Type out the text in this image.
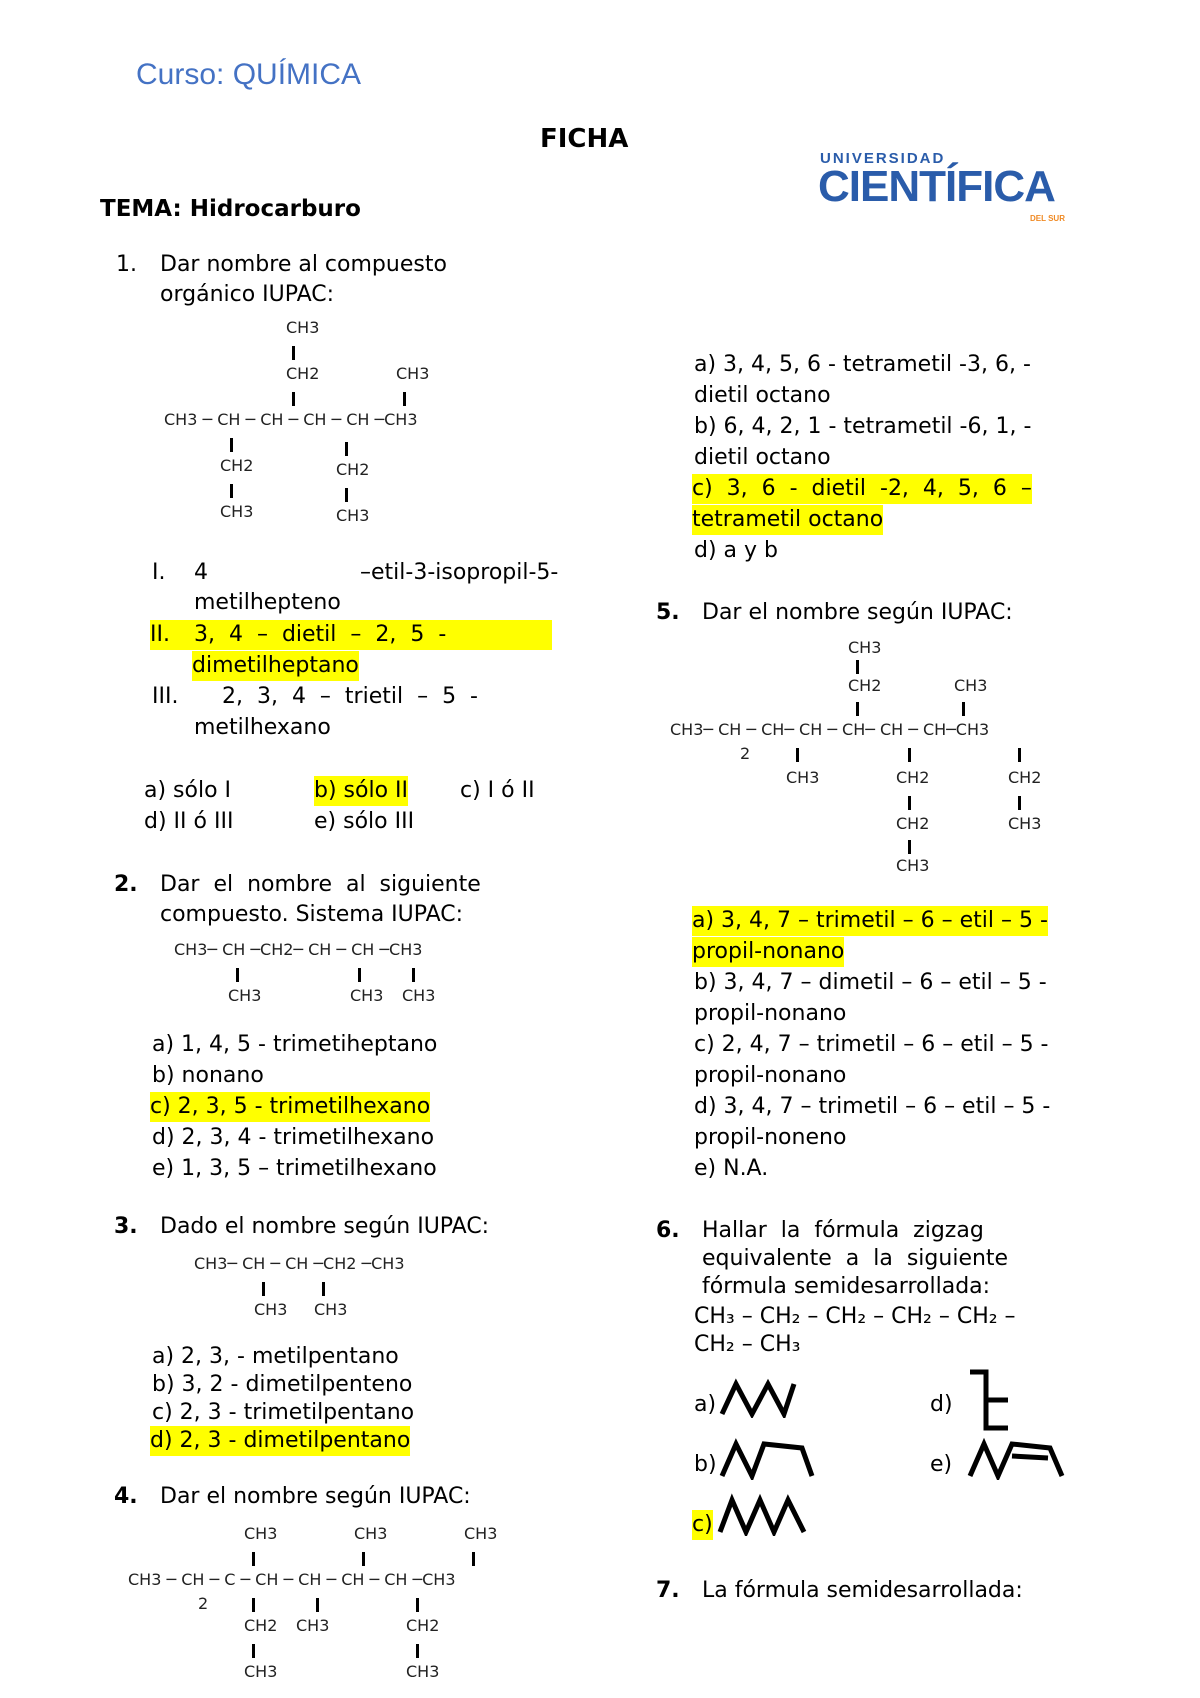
Curso: QUÍMICA
FICHA
TEMA: Hidrocarburo
UNIVERSIDAD
CIENTÍFICA
DEL SUR
1. Dar nombre al compuesto
orgánico IUPAC:
CH3
CH2	CH3
CH3 ─ CH ─ CH ─ CH ─ CH ─CH3
CH2	CH2
CH3	CH3
I. 4	–etil-3-isopropil-5-
metilhepteno
II. 3,  4  –  dietil  –  2,  5  -
dimetilheptano
III. 2,  3,  4  –  trietil  –  5  -
metilhexano
a) sólo I	b) sólo II c) I ó II
d) II ó III	e) sólo III
2. Dar  el  nombre  al  siguiente
compuesto. Sistema IUPAC:
CH3─ CH ─CH2─ CH ─ CH ─CH3
CH3	CH3 CH3
a) 1, 4, 5 - trimetiheptano
b) nonano
c) 2, 3, 5 - trimetilhexano
d) 2, 3, 4 - trimetilhexano
e) 1, 3, 5 – trimetilhexano
3. Dado el nombre según IUPAC:
CH3─ CH ─ CH ─CH2 ─CH3
CH3 CH3
a) 2, 3, - metilpentano
b) 3, 2 - dimetilpenteno
c) 2, 3 - trimetilpentano
d) 2, 3 - dimetilpentano
4. Dar el nombre según IUPAC:
CH3	CH3	CH3
CH3 ─ CH ─ C ─ CH ─ CH ─ CH ─ CH ─CH3
2
CH2 CH3	CH2
CH3	CH3
a) 3, 4, 5, 6 - tetrametil -3, 6, -
dietil octano
b) 6, 4, 2, 1 - tetrametil -6, 1, -
dietil octano
c)  3,  6  -  dietil  -2,  4,  5,  6  –
tetrametil octano
d) a y b
5. Dar el nombre según IUPAC:
CH3
CH2	CH3
CH3─ CH ─ CH─ CH ─ CH─ CH ─ CH─CH3
2
CH3	CH2	CH2
CH2	CH3
CH3
a) 3, 4, 7 – trimetil – 6 – etil – 5 -
propil-nonano
b) 3, 4, 7 – dimetil – 6 – etil – 5 -
propil-nonano
c) 2, 4, 7 – trimetil – 6 – etil – 5 -
propil-nonano
d) 3, 4, 7 – trimetil – 6 – etil – 5 -
propil-noneno
e) N.A.
6. Hallar  la  fórmula  zigzag
equivalente  a  la  siguiente
fórmula semidesarrollada:
CH₃ – CH₂ – CH₂ – CH₂ – CH₂ –
CH₂ – CH₃
a)	d)
b)	e)
c)
7. La fórmula semidesarrollada:
